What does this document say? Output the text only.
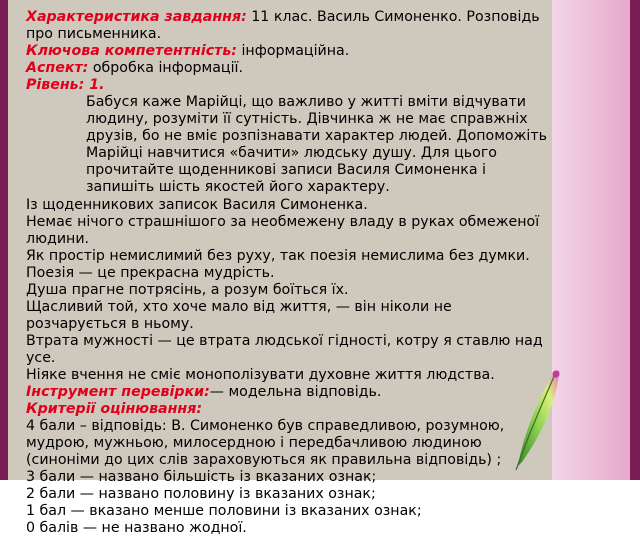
Характеристика завдання: 11 клас. Василь Симоненко. Розповідь про письменника.

Ключова компетентність: інформаційна.

Аспект: обробка інформації.

Рівень: 1.

Бабуся каже Марійці, що важливо у житті вміти відчувати людину, розуміти її сутність. Дівчинка ж не має справжніх друзів, бо не вміє розпізнавати характер людей. Допоможіть Марійці навчитися «бачити» людську душу. Для цього прочитайте щоденникові записи Василя Симоненка і запишіть шість якостей його характеру.

Із щоденникових записок Василя Симоненка.

Немає нічого страшнішого за необмежену владу в руках обмеженої людини.

Як простір немислимий без руху, так поезія немислима без думки.

Поезія — це прекрасна мудрість.

Душа прагне потрясінь, а розум боїться їх.

Щасливий той, хто хоче мало від життя, — він ніколи не розчарується в ньому.

Втрата мужності — це втрата людської гідності, котру я ставлю над усе.

Ніяке вчення не сміє монополізувати духовне життя людства.

Інструмент перевірки:— модельна відповідь.

Критерії оцінювання:

4 бали – відповідь: В. Симоненко був справедливою, розумною, мудрою, мужньою, милосердною і передбачливою людиною (синоніми до цих слів зараховуються як правильна відповідь) ;

3 бали — названо більшість із вказаних ознак;

2 бали — названо половину із вказаних ознак;

1 бал — вказано менше половини із вказаних ознак;

0 балів — не названо жодної.
